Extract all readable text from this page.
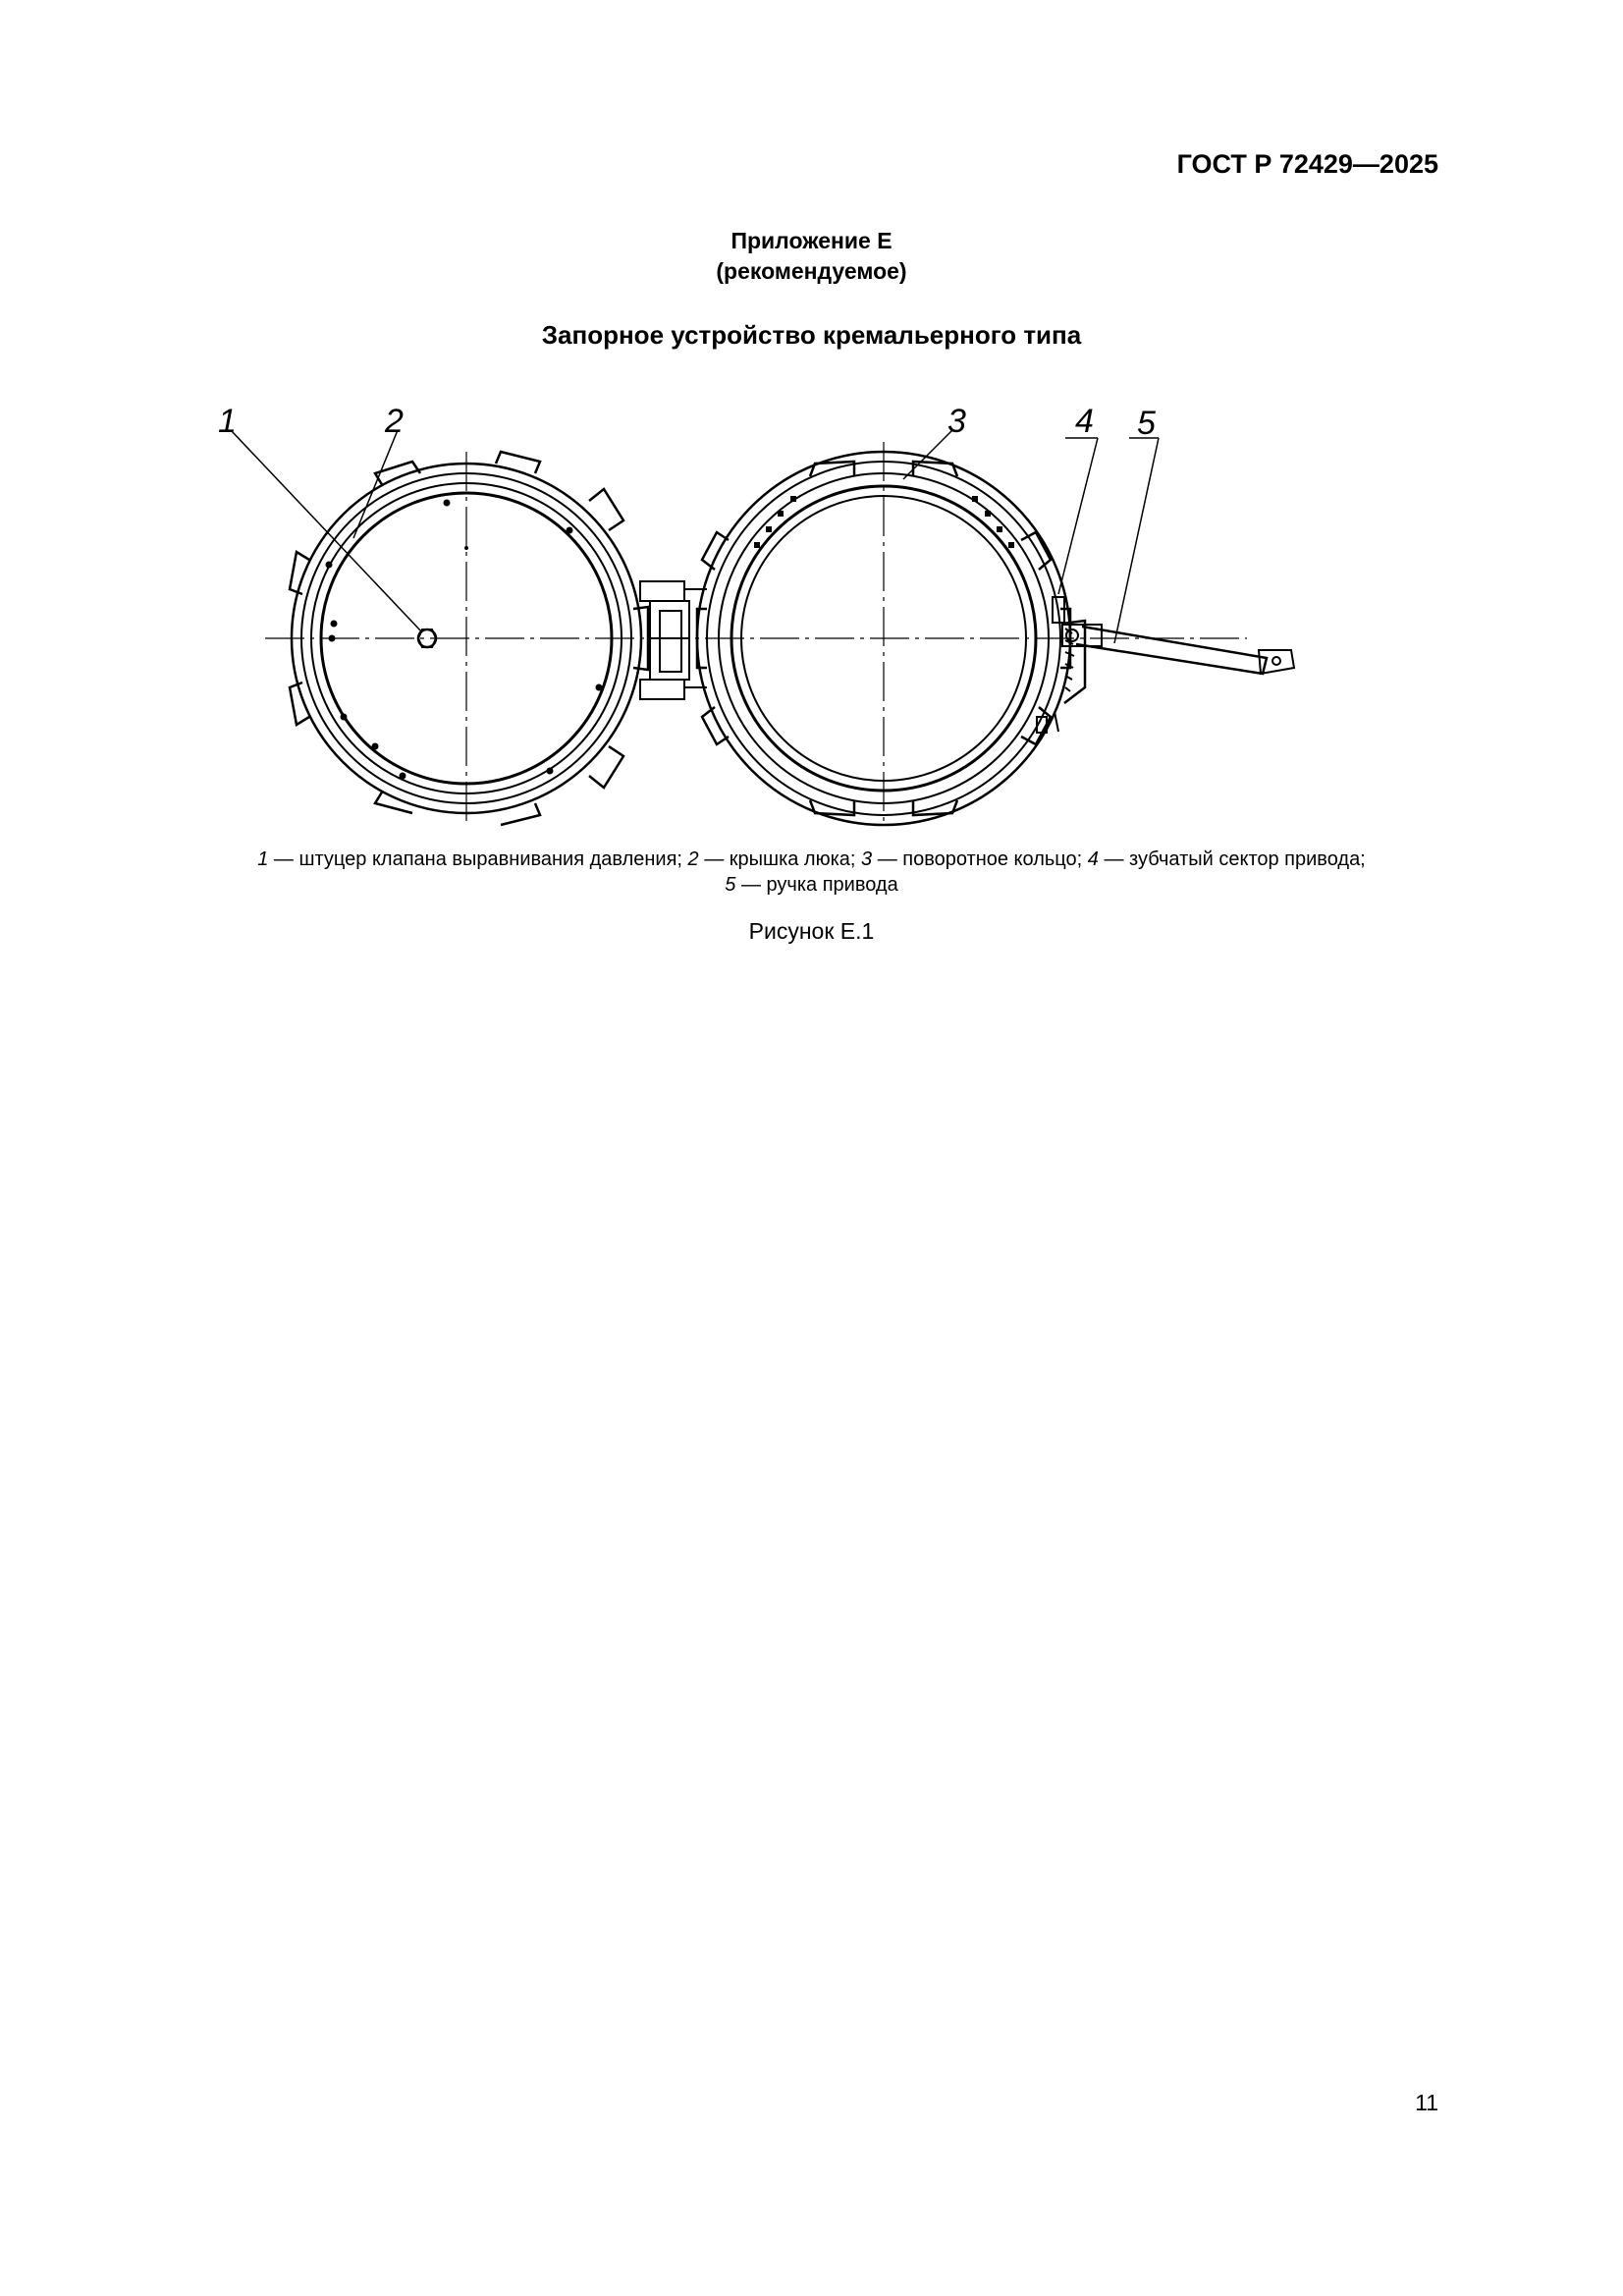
ГОСТ Р 72429—2025
Приложение Е
(рекомендуемое)
Запорное устройство кремальерного типа
1	2	3	4 5
1 — штуцер клапана выравнивания давления; 2 — крышка люка; 3 — поворотное кольцо; 4 — зубчатый сектор привода;
5 — ручка привода
Рисунок Е.1
11
